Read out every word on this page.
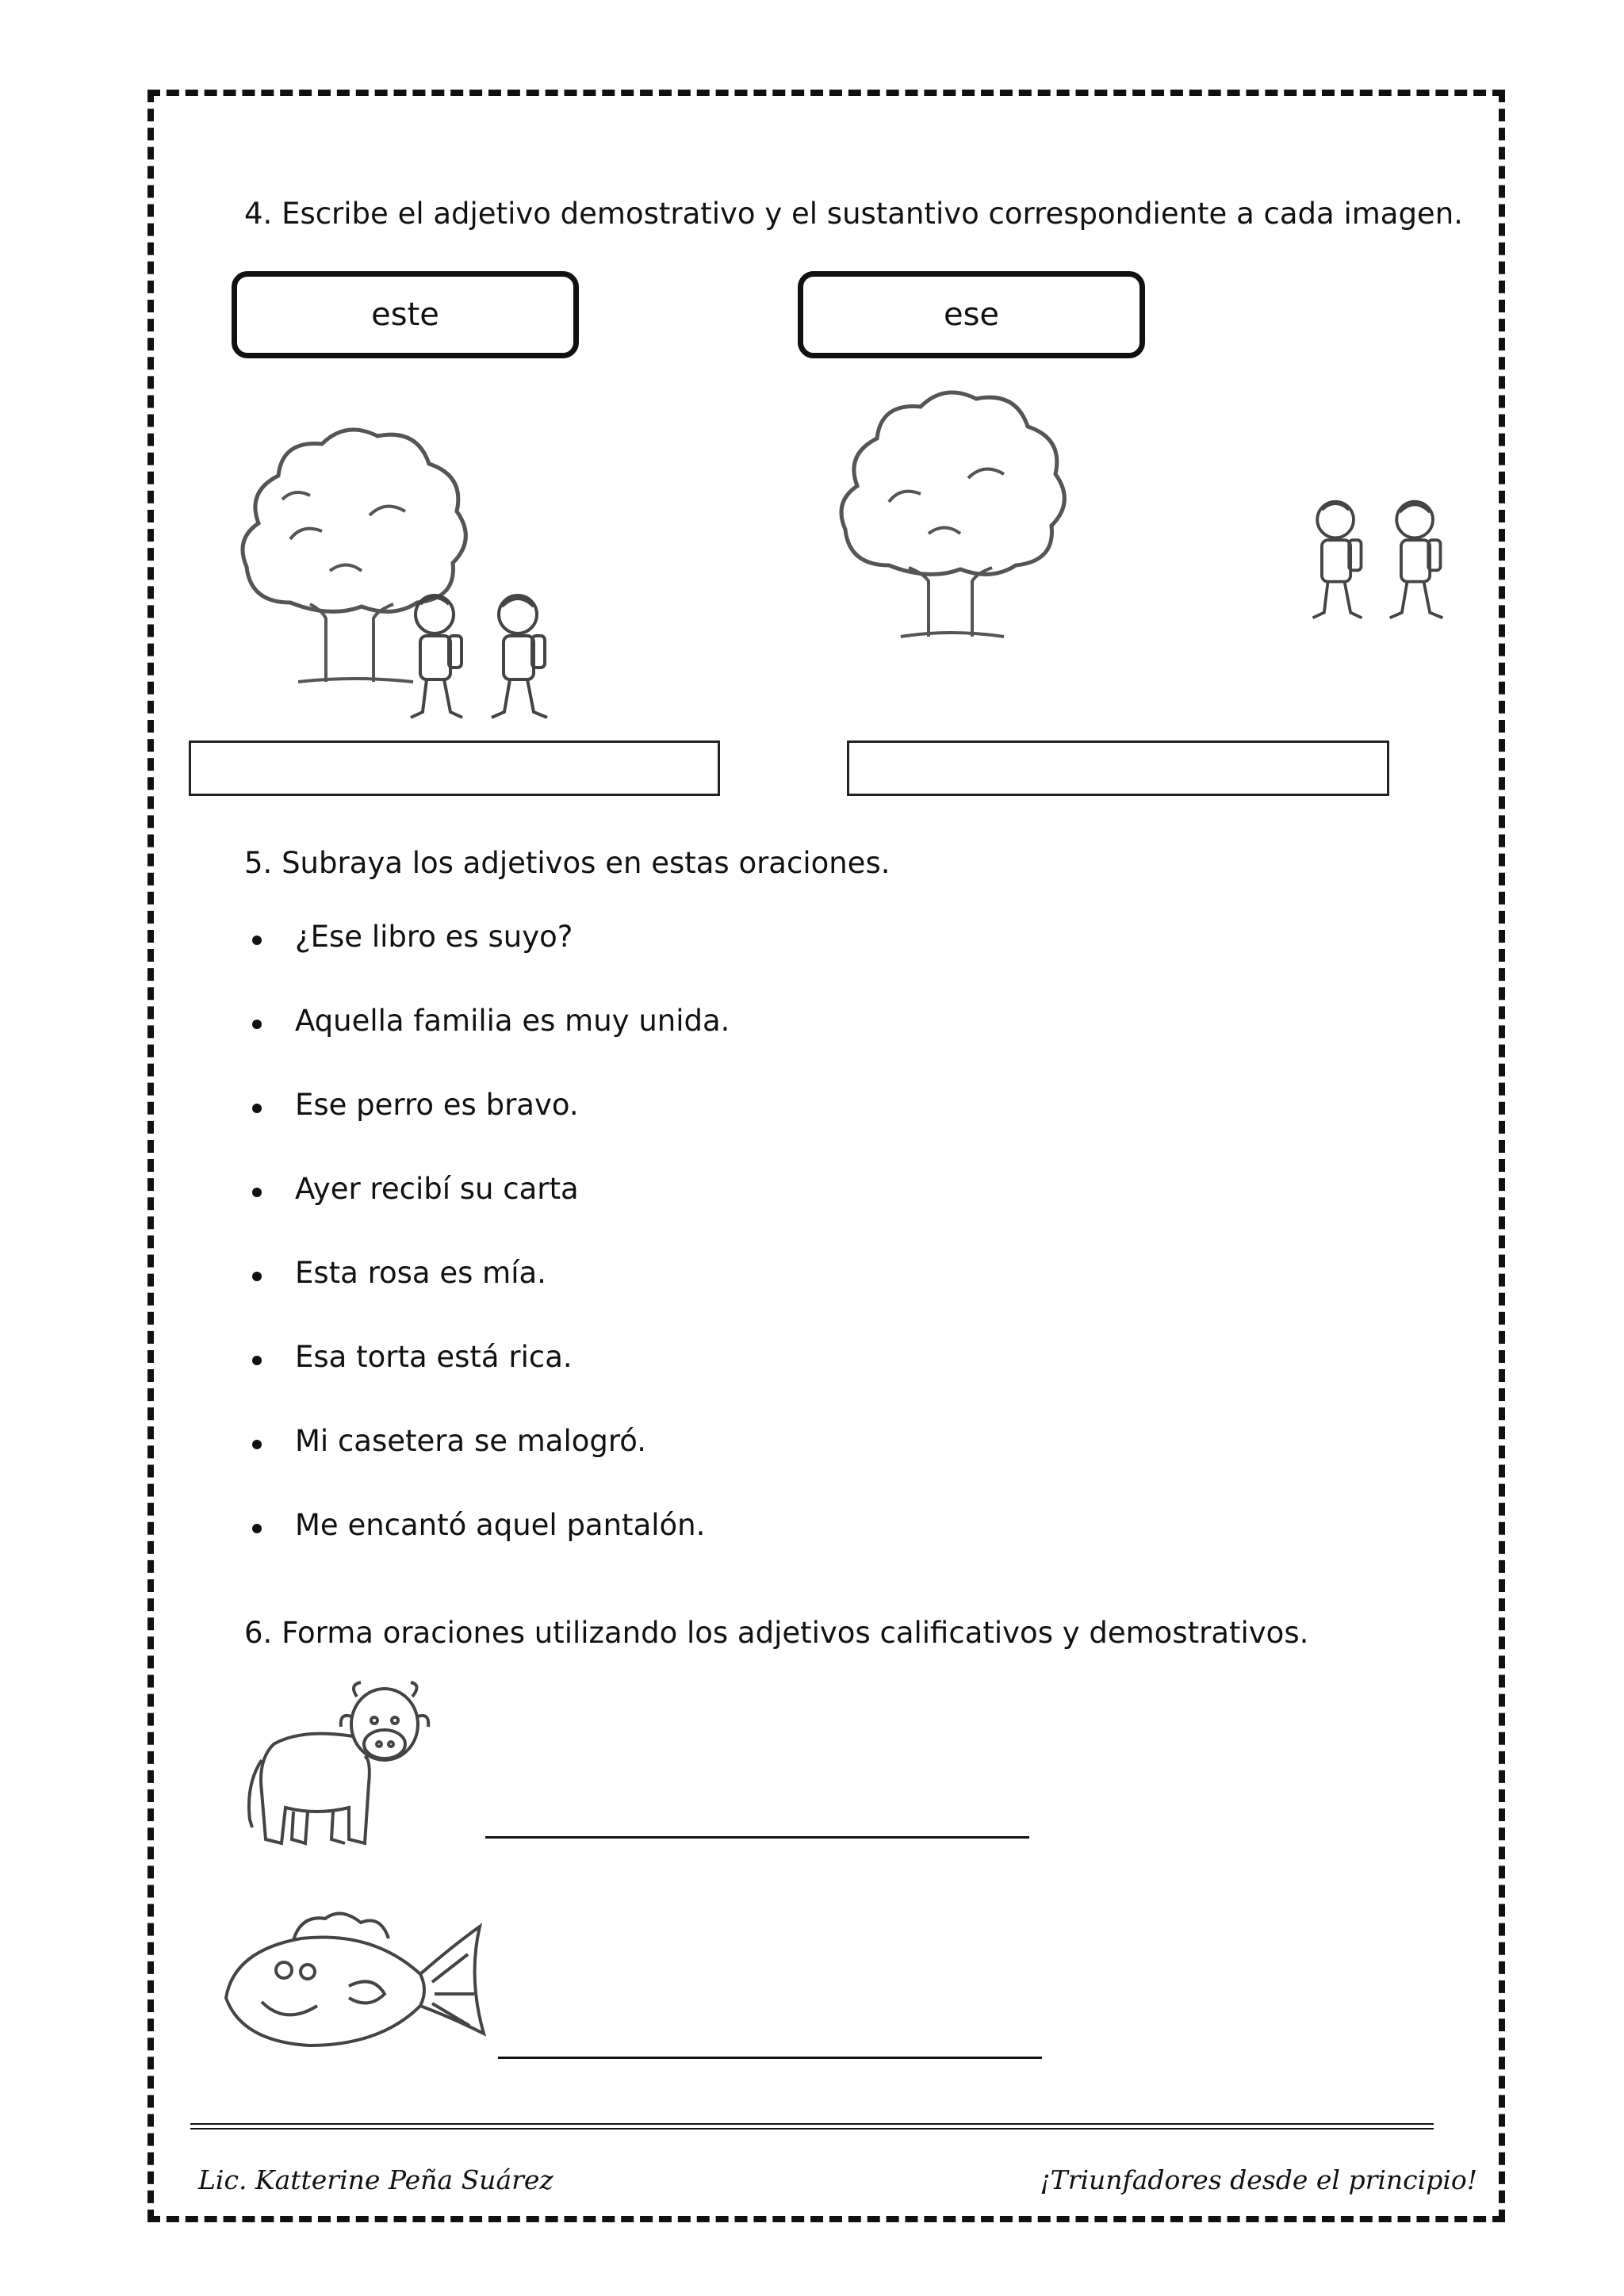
4. Escribe el adjetivo demostrativo y el sustantivo correspondiente a cada imagen.
este	ese
5. Subraya los adjetivos en estas oraciones.
¿Ese libro es suyo?
Aquella familia es muy unida.
Ese perro es bravo.
Ayer recibí su carta
Esta rosa es mía.
Esa torta está rica.
Mi casetera se malogró.
Me encantó aquel pantalón.
6. Forma oraciones utilizando los adjetivos calificativos y demostrativos.
Lic. Katterine Peña Suárez	¡Triunfadores desde el principio!
